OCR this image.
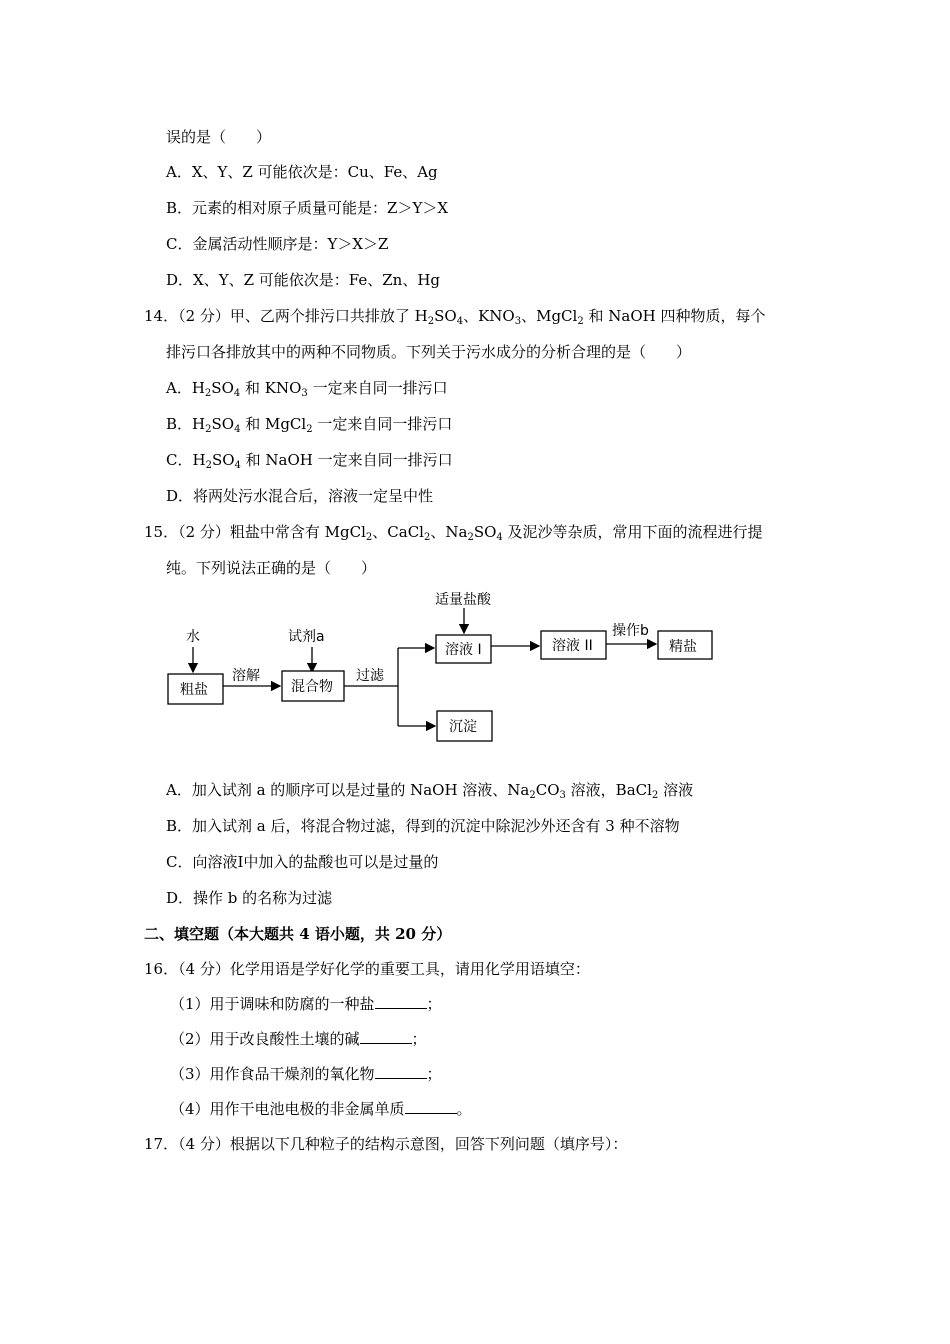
误的是（　　）
A．X、Y、Z 可能依次是：Cu、Fe、Ag
B．元素的相对原子质量可能是：Z＞Y＞X
C．金属活动性顺序是：Y＞X＞Z
D．X、Y、Z 可能依次是：Fe、Zn、Hg
14．（2 分）甲、乙两个排污口共排放了 $H_2SO_4$、$KNO_3$、MgCl$_2$ 和 NaOH 四种物质，每个
排污口各排放其中的两种不同物质。下列关于污水成分的分析合理的是（　　）
A．$H_2SO_4$ 和 $KNO_3$ 一定来自同一排污口
B．$H_2SO_4$ 和 MgCl$_2$ 一定来自同一排污口
C．$H_2SO_4$ 和 NaOH 一定来自同一排污口
D．将两处污水混合后，溶液一定呈中性
15．（2 分）粗盐中常含有 MgCl$_2$、CaCl$_2$、$Na_2SO_4$ 及泥沙等杂质，常用下面的流程进行提
纯。下列说法正确的是（　　）
水	试剂a
适量盐酸
操作b
溶解	过滤
粗盐	混合物
溶液 I	溶液 II	精盐
沉淀
A．加入试剂 a 的顺序可以是过量的 NaOH 溶液、$Na_2CO_3$ 溶液，BaCl$_2$ 溶液
B．加入试剂 a 后，将混合物过滤，得到的沉淀中除泥沙外还含有 3 种不溶物
C．向溶液Ⅰ中加入的盐酸也可以是过量的
D．操作 b 的名称为过滤
二、填空题（本大题共 4 语小题，共 20 分）
16．（4 分）化学用语是学好化学的重要工具，请用化学用语填空：
（1）用于调味和防腐的一种盐	；
（2）用于改良酸性土壤的碱	；
（3）用作食品干燥剂的氧化物	；
（4）用作干电池电极的非金属单质	。
17．（4 分）根据以下几种粒子的结构示意图，回答下列问题（填序号）：
